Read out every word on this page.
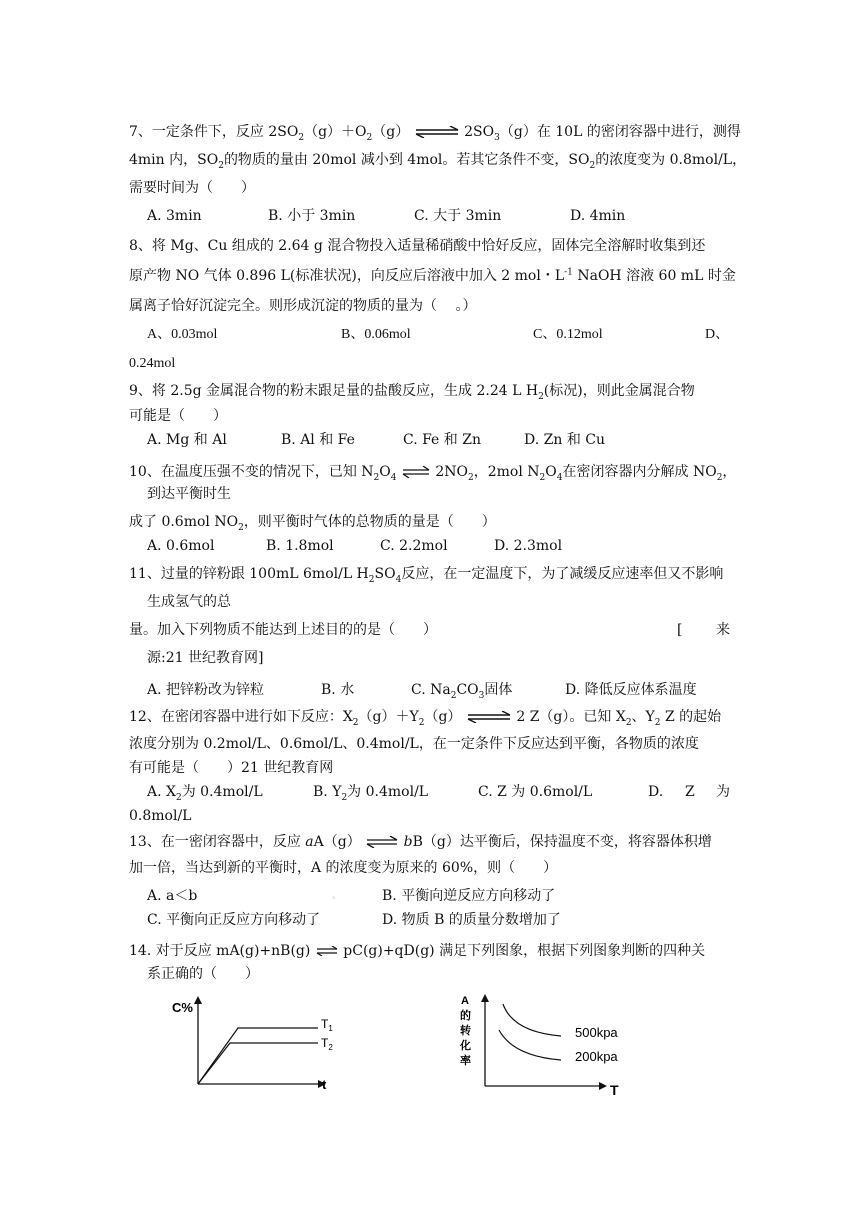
7、一定条件下，反应 $2SO_2(g)+O_2(g)$ ⇌ $2SO_3(g)$在 10L 的密闭容器中进行，测得
4min 内，$SO_2$的物质的量由 20mol 减小到 4mol。若其它条件不变，$SO_2$的浓度变为 0.8mol/L，
需要时间为（　　）
A. 3min	B. 小于 3min	C. 大于 3min	D. 4min
8、将 Mg、Cu 组成的 2.64 g 混合物投入适量稀硝酸中恰好反应，固体完全溶解时收集到还
原产物 NO 气体 0.896 L(标准状况)，向反应后溶液中加入 2 mol・$L^{-1}$ NaOH 溶液 60 mL 时金
属离子恰好沉淀完全。则形成沉淀的物质的量为（　 。）
A、0.03mol	B、0.06mol	C、0.12mol	D、
0.24mol
9、将 2.5g 金属混合物的粉末跟足量的盐酸反应，生成 2.24 L $H_2$(标况)，则此金属混合物
可能是（　　）
A. Mg 和 Al	B. Al 和 Fe	C. Fe 和 Zn	D. Zn 和 Cu
10、在温度压强不变的情况下，已知 $N_2O_4$ ⇌ $2NO_2$，2mol $N_2O_4$在密闭容器内分解成 $NO_2$，
到达平衡时生
成了 0.6mol $NO_2$，则平衡时气体的总物质的量是（　　）
A. 0.6mol	B. 1.8mol	C. 2.2mol	D. 2.3mol
11、过量的锌粉跟 100mL 6mol/L $H_2SO_4$反应，在一定温度下，为了减缓反应速率但又不影响
生成氢气的总
量。加入下列物质不能达到上述目的的是（　　）	[ 来
源:21 世纪教育网]
A. 把锌粉改为锌粒	B. 水	C. $Na_2CO_3$固体	D. 降低反应体系温度
12、在密闭容器中进行如下反应：$X_2(g)+Y_2(g)$ ⇌ 2 Z（g）。已知 $X_2$、$Y_2$ Z 的起始
浓度分别为 0.2mol/L、0.6mol/L、0.4mol/L，在一定条件下反应达到平衡，各物质的浓度
有可能是（　　）21 世纪教育网
A. $X_2$为 0.4mol/L	B. $Y_2$为 0.4mol/L	C. Z 为 0.6mol/L	D. Z 为
0.8mol/L
13、在一密闭容器中，反应 aA（g） ⇌ bB（g）达平衡后，保持温度不变，将容器体积增
加一倍，当达到新的平衡时，A 的浓度变为原来的 60%，则（　　）
A. a＜b	。	B. 平衡向逆反应方向移动了
C. 平衡向正反应方向移动了	D. 物质 B 的质量分数增加了
14. 对于反应 mA(g)+nB(g) ⇌ pC(g)+qD(g) 满足下列图象，根据下列图象判断的四种关
系正确的（　　）
C%
$T_1$
$T_2$
t
A
的
转
化
率
500kpa
200kpa
T
